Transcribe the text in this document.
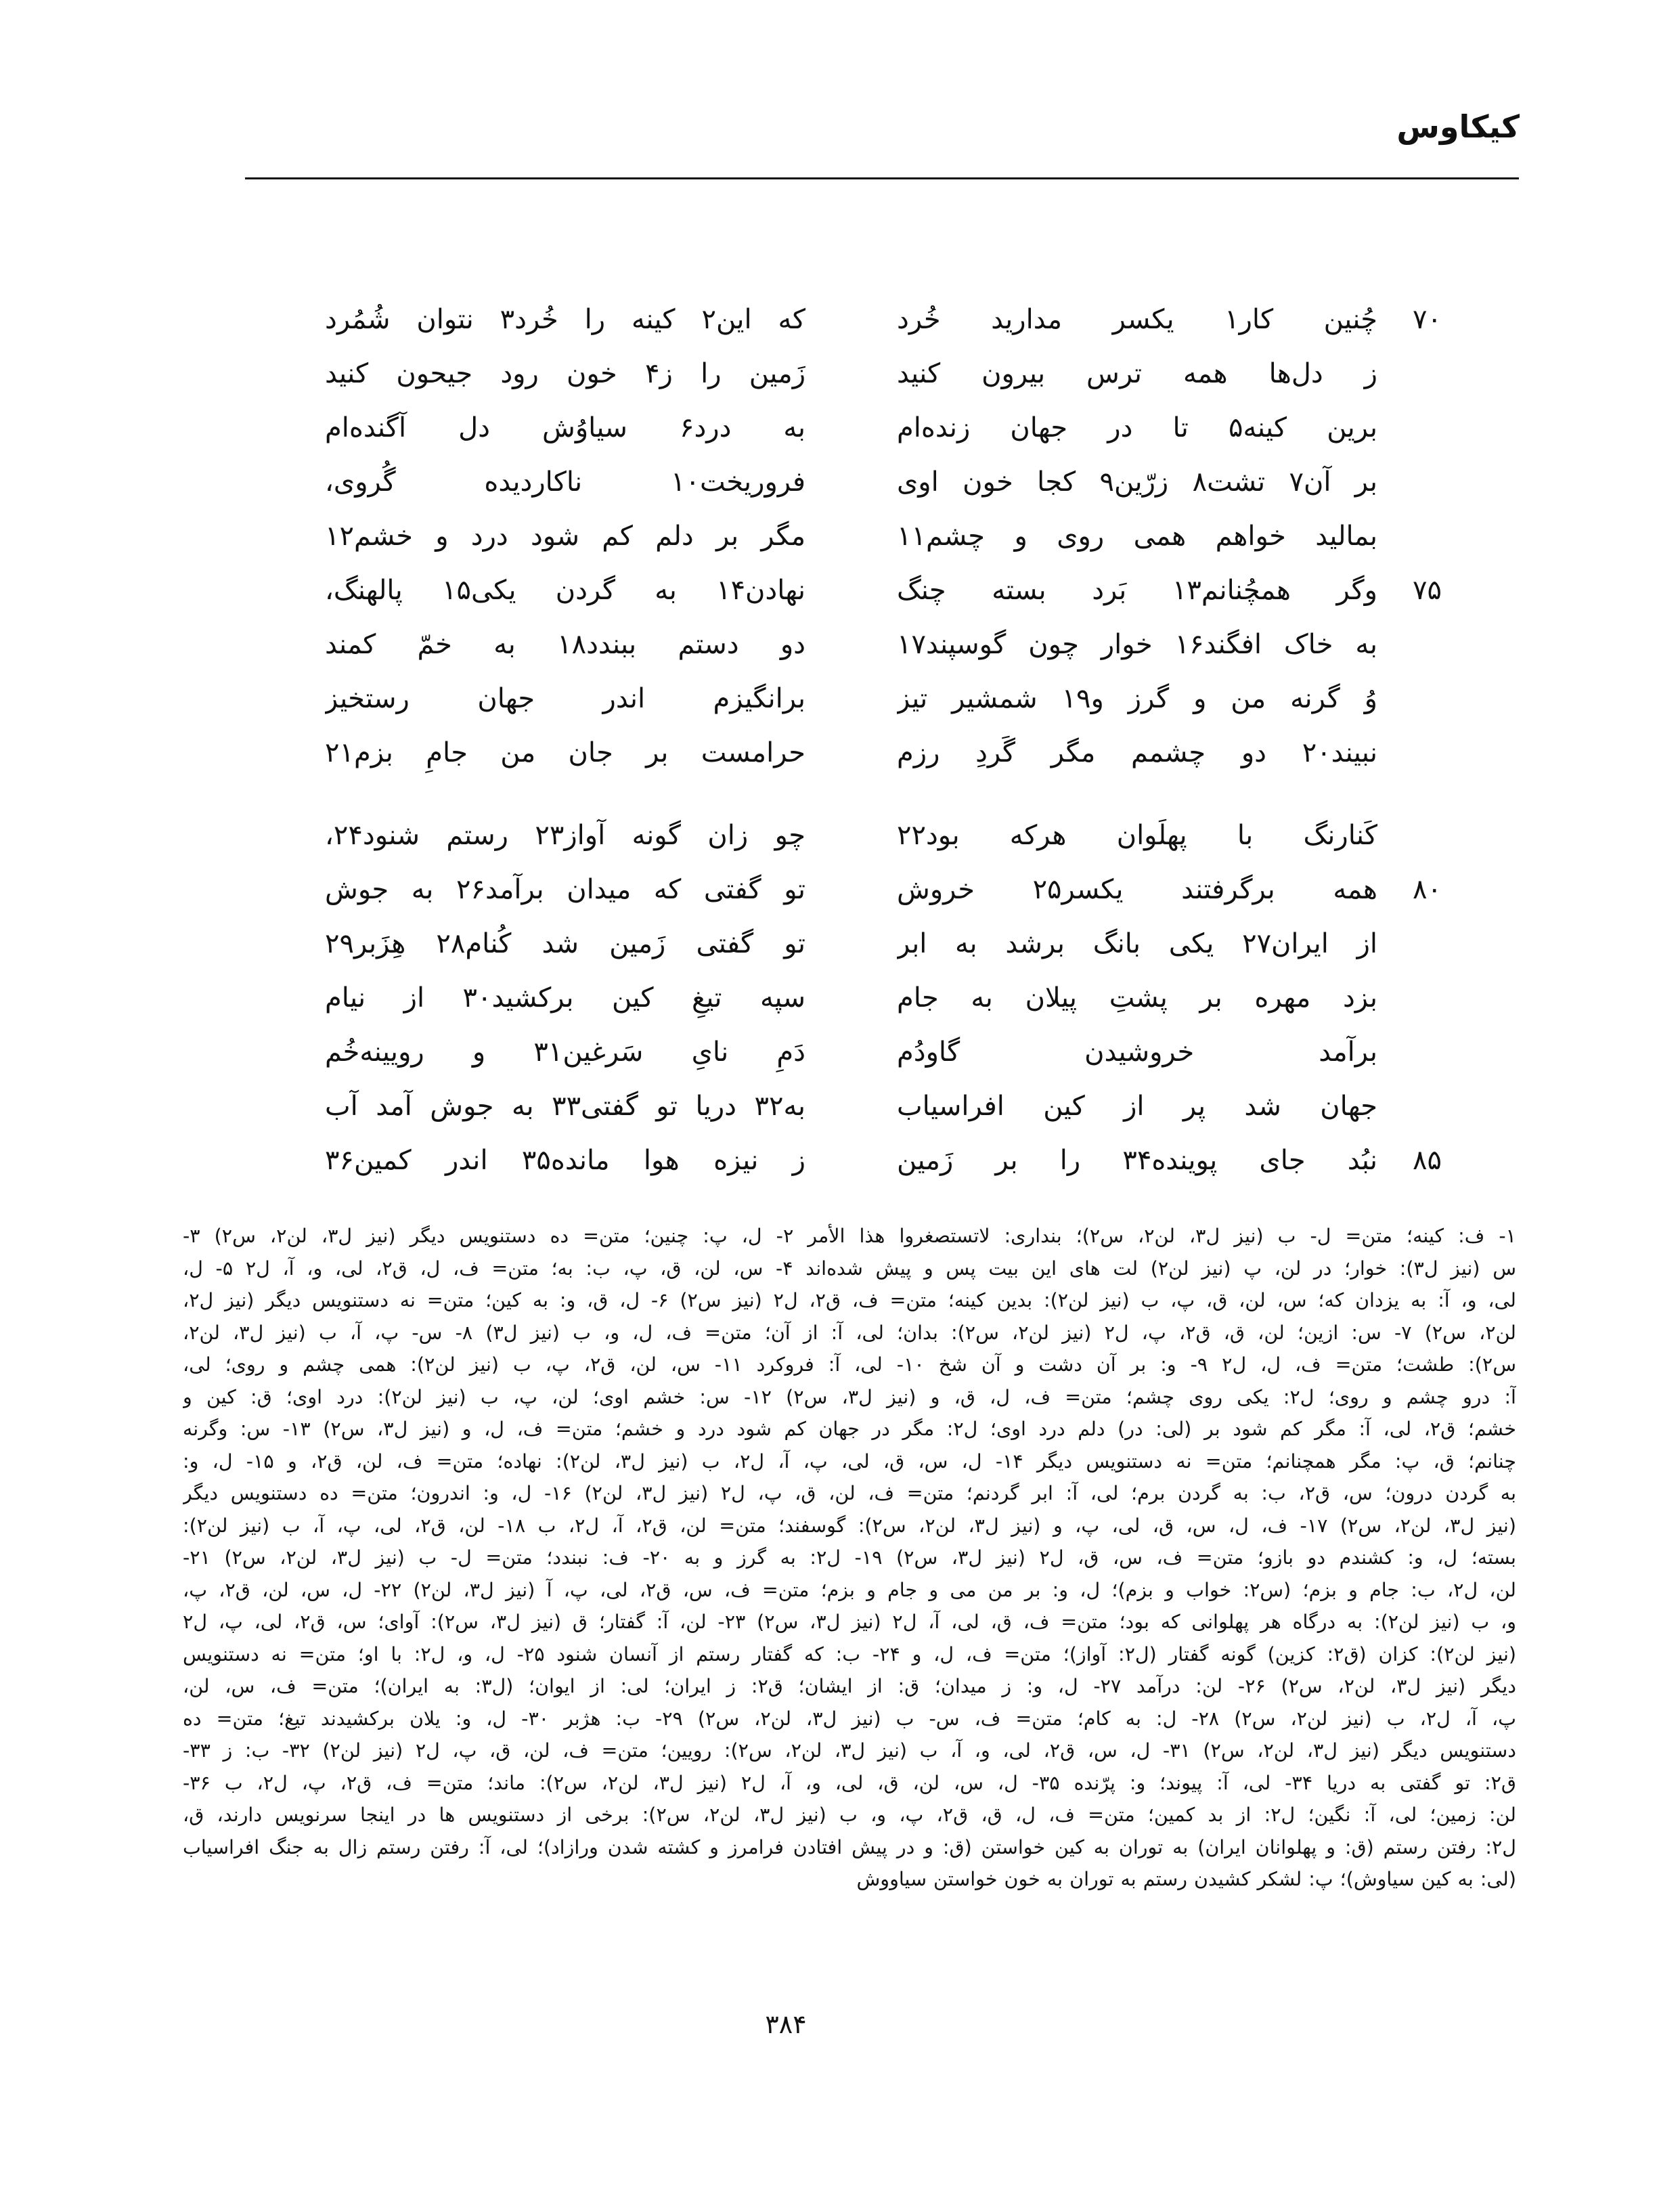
کیکاوس
۷۰
چُنین کار۱ یکسر مدارید خُرد
که این۲ کینه را خُرد۳ نتوان شُمُرد
ز دل‌ها همه ترس بیرون کنید
زَمین را ز۴ خون رود جیحون کنید
برین کینه۵ تا در جهان زنده‌ام
به درد۶ سیاوُش دل آگنده‌ام
بر آن۷ تشت۸ زرّین۹ کجا خون اوی
فروریخت۱۰ ناکاردیده گُروی،
بمالید خواهم همی روی و چشم۱۱
مگر بر دلم کم شود درد و خشم۱۲
۷۵
وگر همچُنانم۱۳ بَرد بسته چنگ
نهادن۱۴ به گردن یکی۱۵ پالهنگ،
به خاک افگند۱۶ خوار چون گوسپند۱۷
دو دستم ببندد۱۸ به خمّ کمند
وُ گرنه من و گرز و۱۹ شمشیر تیز
برانگیزم اندر جهان رستخیز
نبیند۲۰ دو چشمم مگر گَردِ رزم
حرامست بر جان من جامِ بزم۲۱
کَنارنگ با پهلَوان هرکه بود۲۲
چو زان گونه آواز۲۳ رستم شنود۲۴،
۸۰
همه برگرفتند یکسر۲۵ خروش
تو گفتی که میدان برآمد۲۶ به جوش
از ایران۲۷ یکی بانگ برشد به ابر
تو گفتی زَمین شد کُنام۲۸ هِزَبر۲۹
بزد مهره بر پشتِ پیلان به جام
سپه تیغِ کین برکشید۳۰ از نیام
برآمد خروشیدن گاودُم
دَمِ نایِ سَرغین۳۱ و رویینه‌خُم
جهان شد پر از کین افراسیاب
به۳۲ دریا تو گفتی۳۳ به جوش آمد آب
۸۵
نبُد جای پوینده۳۴ را بر زَمین
ز نیزه هوا مانده۳۵ اندر کمین۳۶
۱- ف: کینه؛ متن= ل- ب (نیز ل۳، لن۲، س۲)؛ بنداری: لاتستصغروا هذا الأمر ۲- ل، پ: چنین؛ متن= ده دستنویس دیگر (نیز ل۳، لن۲، س۲) ۳-
س (نیز ل۳): خوار؛ در لن، پ (نیز لن۲) لت های این بیت پس و پیش شده‌اند ۴- س، لن، ق، پ، ب: به؛ متن= ف، ل، ق۲، لی، و، آ، ل۲ ۵- ل،
لی، و، آ: به یزدان که؛ س، لن، ق، پ، ب (نیز لن۲): بدین کینه؛ متن= ف، ق۲، ل۲ (نیز س۲) ۶- ل، ق، و: به کین؛ متن= نه دستنویس دیگر (نیز ل۲،
لن۲، س۲) ۷- س: ازین؛ لن، ق، ق۲، پ، ل۲ (نیز لن۲، س۲): بدان؛ لی، آ: از آن؛ متن= ف، ل، و، ب (نیز ل۳) ۸- س- پ، آ، ب (نیز ل۳، لن۲،
س۲): طشت؛ متن= ف، ل، ل۲ ۹- و: بر آن دشت و آن شخ ۱۰- لی، آ: فروکرد ۱۱- س، لن، ق۲، پ، ب (نیز لن۲): همی چشم و روی؛ لی،
آ: درو چشم و روی؛ ل۲: یکی روی چشم؛ متن= ف، ل، ق، و (نیز ل۳، س۲) ۱۲- س: خشم اوی؛ لن، پ، ب (نیز لن۲): درد اوی؛ ق: کین و
خشم؛ ق۲، لی، آ: مگر کم شود بر (لی: در) دلم درد اوی؛ ل۲: مگر در جهان کم شود درد و خشم؛ متن= ف، ل، و (نیز ل۳، س۲) ۱۳- س: وگرنه
چنانم؛ ق، پ: مگر همچنانم؛ متن= نه دستنویس دیگر ۱۴- ل، س، ق، لی، پ، آ، ل۲، ب (نیز ل۳، لن۲): نهاده؛ متن= ف، لن، ق۲، و ۱۵- ل، و:
به گردن درون؛ س، ق۲، ب: به گردن برم؛ لی، آ: ابر گردنم؛ متن= ف، لن، ق، پ، ل۲ (نیز ل۳، لن۲) ۱۶- ل، و: اندرون؛ متن= ده دستنویس دیگر
(نیز ل۳، لن۲، س۲) ۱۷- ف، ل، س، ق، لی، پ، و (نیز ل۳، لن۲، س۲): گوسفند؛ متن= لن، ق۲، آ، ل۲، ب ۱۸- لن، ق۲، لی، پ، آ، ب (نیز لن۲):
بسته؛ ل، و: کشندم دو بازو؛ متن= ف، س، ق، ل۲ (نیز ل۳، س۲) ۱۹- ل۲: به گرز و به ۲۰- ف: نبندد؛ متن= ل- ب (نیز ل۳، لن۲، س۲) ۲۱-
لن، ل۲، ب: جام و بزم؛ (س۲: خواب و بزم)؛ ل، و: بر من می و جام و بزم؛ متن= ف، س، ق۲، لی، پ، آ (نیز ل۳، لن۲) ۲۲- ل، س، لن، ق۲، پ،
و، ب (نیز لن۲): به درگاه هر پهلوانی که بود؛ متن= ف، ق، لی، آ، ل۲ (نیز ل۳، س۲) ۲۳- لن، آ: گفتار؛ ق (نیز ل۳، س۲): آوای؛ س، ق۲، لی، پ، ل۲
(نیز لن۲): کزان (ق۲: کزین) گونه گفتار (ل۲: آواز)؛ متن= ف، ل، و ۲۴- ب: که گفتار رستم از آنسان شنود ۲۵- ل، و، ل۲: با او؛ متن= نه دستنویس
دیگر (نیز ل۳، لن۲، س۲) ۲۶- لن: درآمد ۲۷- ل، و: ز میدان؛ ق: از ایشان؛ ق۲: ز ایران؛ لی: از ایوان؛ (ل۳: به ایران)؛ متن= ف، س، لن،
پ، آ، ل۲، ب (نیز لن۲، س۲) ۲۸- ل: به کام؛ متن= ف، س- ب (نیز ل۳، لن۲، س۲) ۲۹- ب: هژبر ۳۰- ل، و: یلان برکشیدند تیغ؛ متن= ده
دستنویس دیگر (نیز ل۳، لن۲، س۲) ۳۱- ل، س، ق۲، لی، و، آ، ب (نیز ل۳، لن۲، س۲): رویین؛ متن= ف، لن، ق، پ، ل۲ (نیز لن۲) ۳۲- ب: ز ۳۳-
ق۲: تو گفتی به دریا ۳۴- لی، آ: پیوند؛ و: پرّنده ۳۵- ل، س، لن، ق، لی، و، آ، ل۲ (نیز ل۳، لن۲، س۲): ماند؛ متن= ف، ق۲، پ، ل۲، ب ۳۶-
لن: زمین؛ لی، آ: نگین؛ ل۲: از بد کمین؛ متن= ف، ل، ق، ق۲، پ، و، ب (نیز ل۳، لن۲، س۲): برخی از دستنویس ها در اینجا سرنویس دارند، ق،
ل۲: رفتن رستم (ق: و پهلوانان ایران) به توران به کین خواستن (ق: و در پیش افتادن فرامرز و کشته شدن ورازاد)؛ لی، آ: رفتن رستم زال به جنگ افراسیاب
(لی: به کین سیاوش)؛ پ: لشکر کشیدن رستم به توران به خون خواستن سیاووش
۳۸۴
